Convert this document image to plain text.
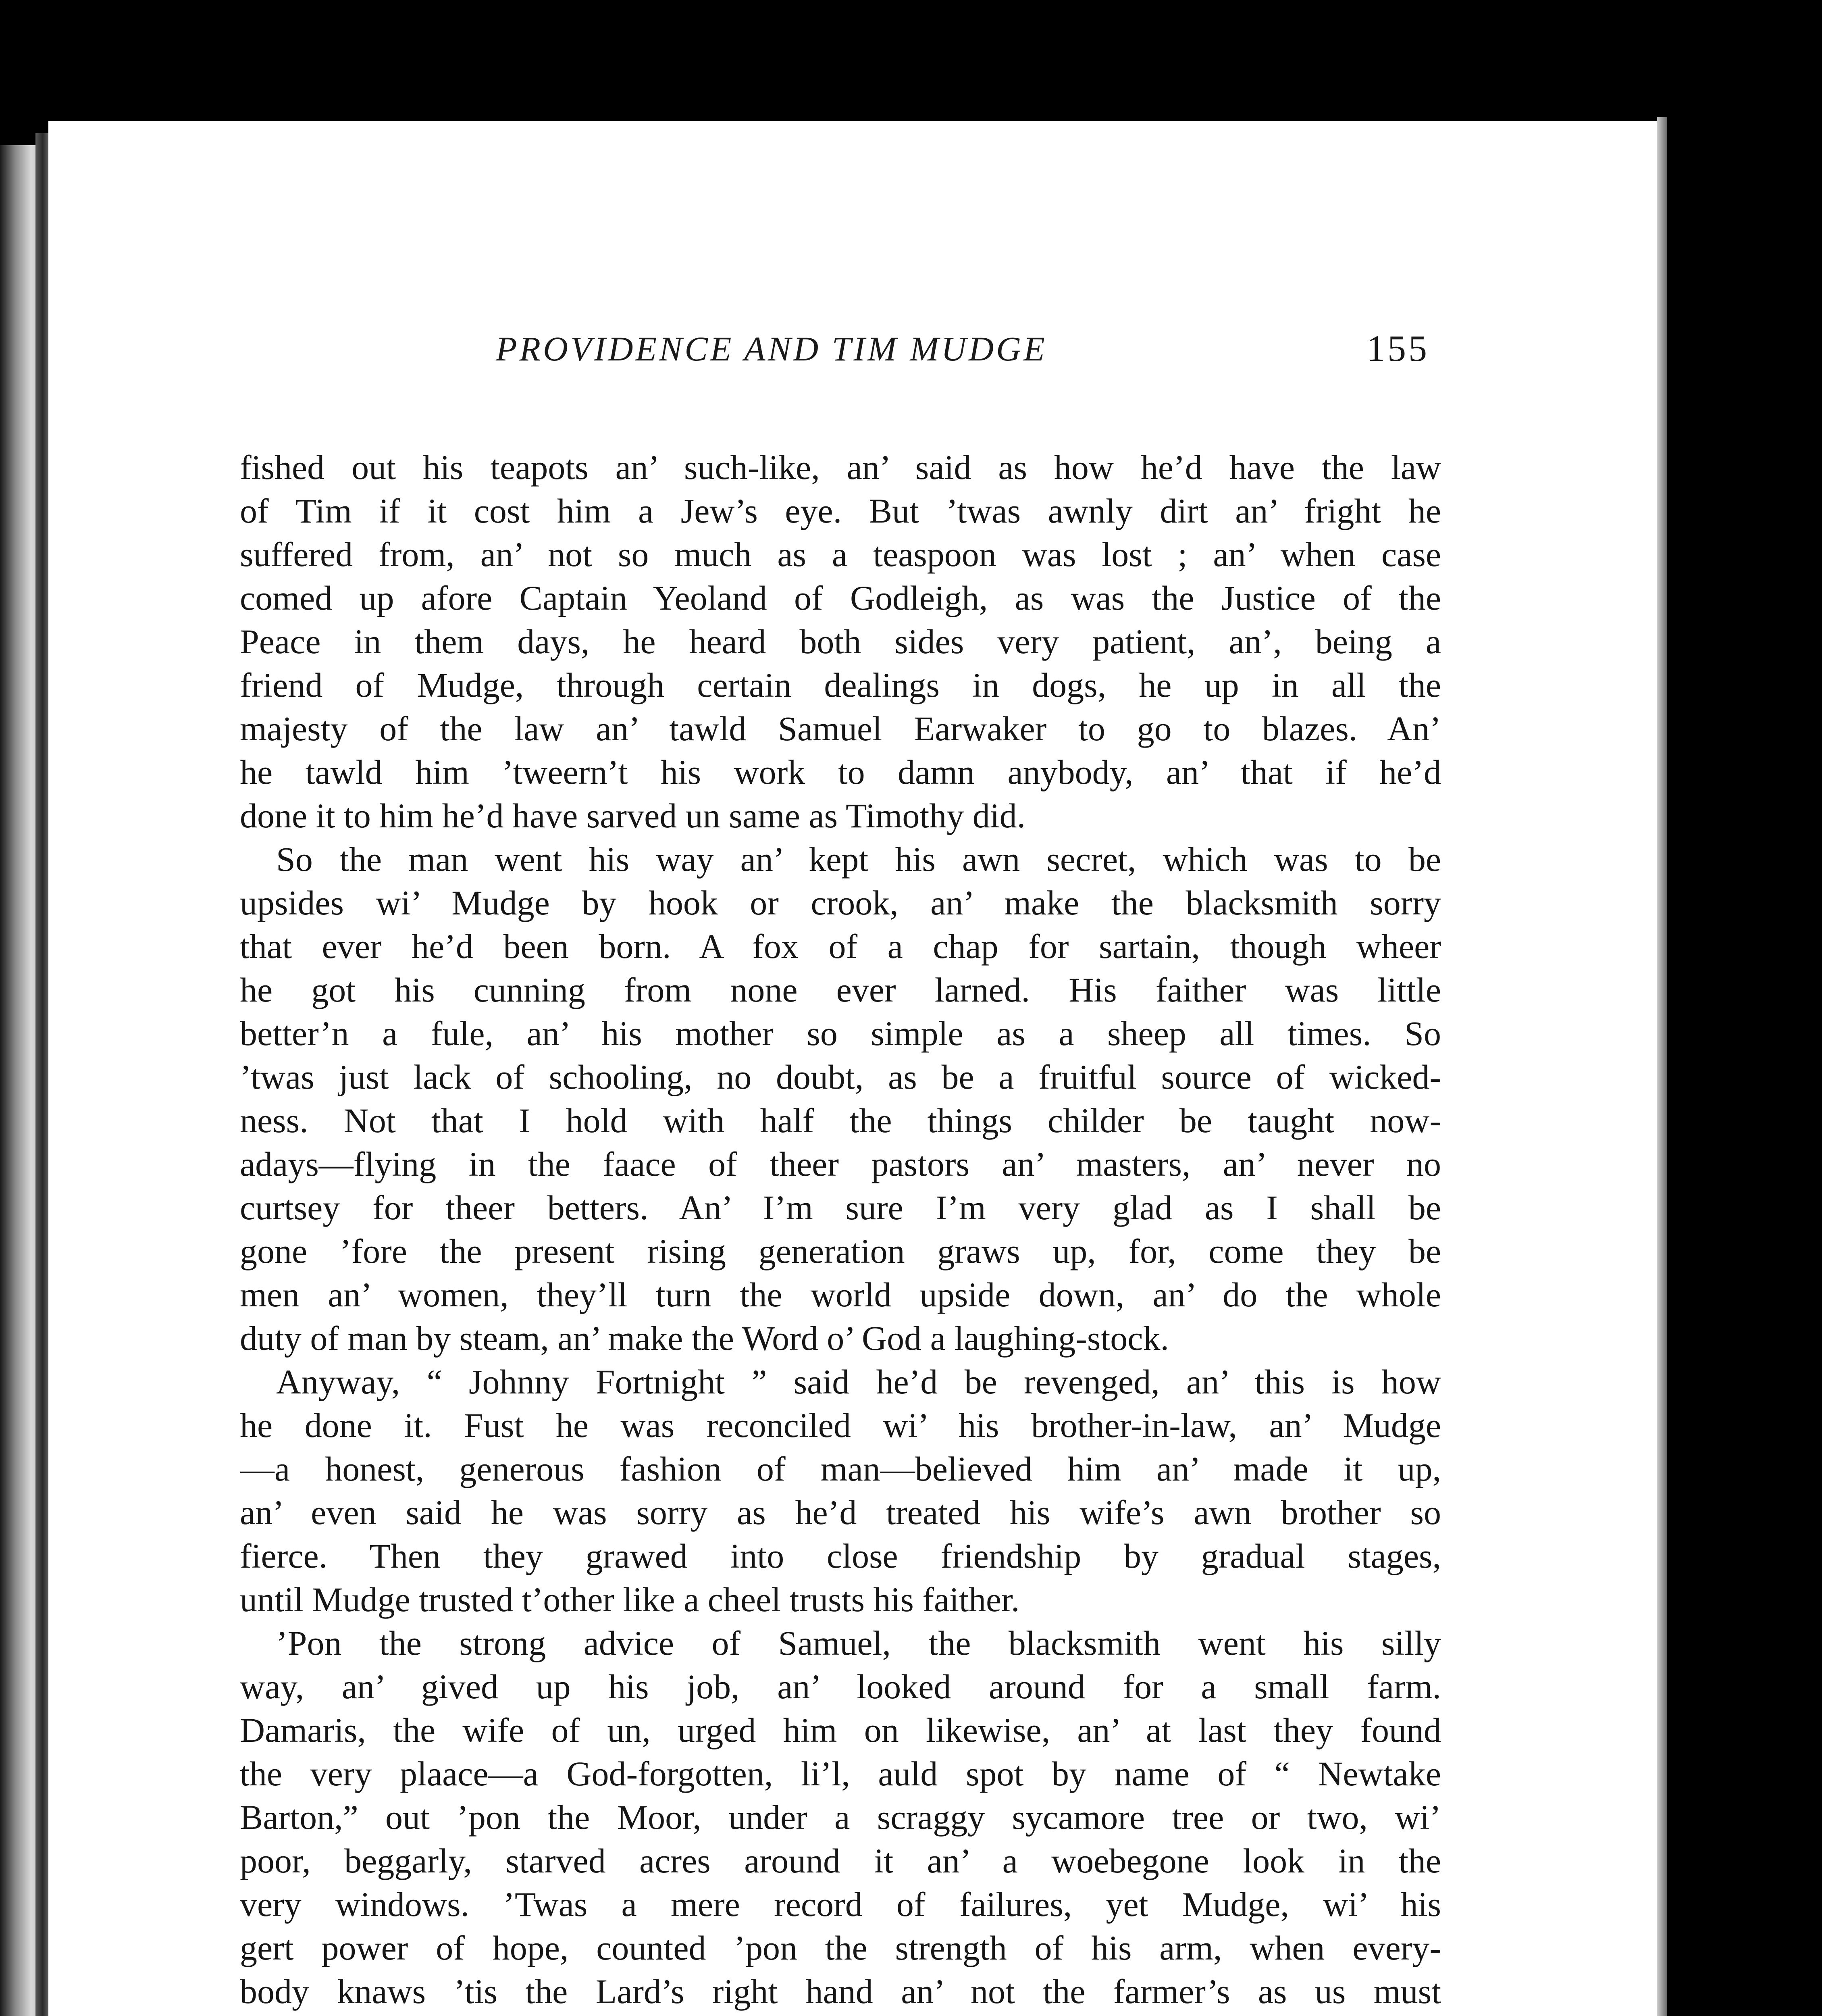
PROVIDENCE AND TIM MUDGE	155
fished out his teapots an’ such-like, an’ said as how he’d have the law
of Tim if it cost him a Jew’s eye. But ’twas awnly dirt an’ fright he
suffered from, an’ not so much as a teaspoon was lost ; an’ when case
comed up afore Captain Yeoland of Godleigh, as was the Justice of the
Peace in them days, he heard both sides very patient, an’, being a
friend of Mudge, through certain dealings in dogs, he up in all the
majesty of the law an’ tawld Samuel Earwaker to go to blazes. An’
he tawld him ’tweern’t his work to damn anybody, an’ that if he’d
done it to him he’d have sarved un same as Timothy did.
So the man went his way an’ kept his awn secret, which was to be
upsides wi’ Mudge by hook or crook, an’ make the blacksmith sorry
that ever he’d been born. A fox of a chap for sartain, though wheer
he got his cunning from none ever larned. His faither was little
better’n a fule, an’ his mother so simple as a sheep all times. So
’twas just lack of schooling, no doubt, as be a fruitful source of wicked-
ness. Not that I hold with half the things childer be taught now-
adays—flying in the faace of theer pastors an’ masters, an’ never no
curtsey for theer betters. An’ I’m sure I’m very glad as I shall be
gone ’fore the present rising generation graws up, for, come they be
men an’ women, they’ll turn the world upside down, an’ do the whole
duty of man by steam, an’ make the Word o’ God a laughing-stock.
Anyway, “ Johnny Fortnight ” said he’d be revenged, an’ this is how
he done it. Fust he was reconciled wi’ his brother-in-law, an’ Mudge
—a honest, generous fashion of man—believed him an’ made it up,
an’ even said he was sorry as he’d treated his wife’s awn brother so
fierce. Then they grawed into close friendship by gradual stages,
until Mudge trusted t’other like a cheel trusts his faither.
’Pon the strong advice of Samuel, the blacksmith went his silly
way, an’ gived up his job, an’ looked around for a small farm.
Damaris, the wife of un, urged him on likewise, an’ at last they found
the very plaace—a God-forgotten, li’l, auld spot by name of “ Newtake
Barton,” out ’pon the Moor, under a scraggy sycamore tree or two, wi’
poor, beggarly, starved acres around it an’ a woebegone look in the
very windows. ’Twas a mere record of failures, yet Mudge, wi’ his
gert power of hope, counted ’pon the strength of his arm, when every-
body knaws ’tis the Lard’s right hand an’ not the farmer’s as us must
